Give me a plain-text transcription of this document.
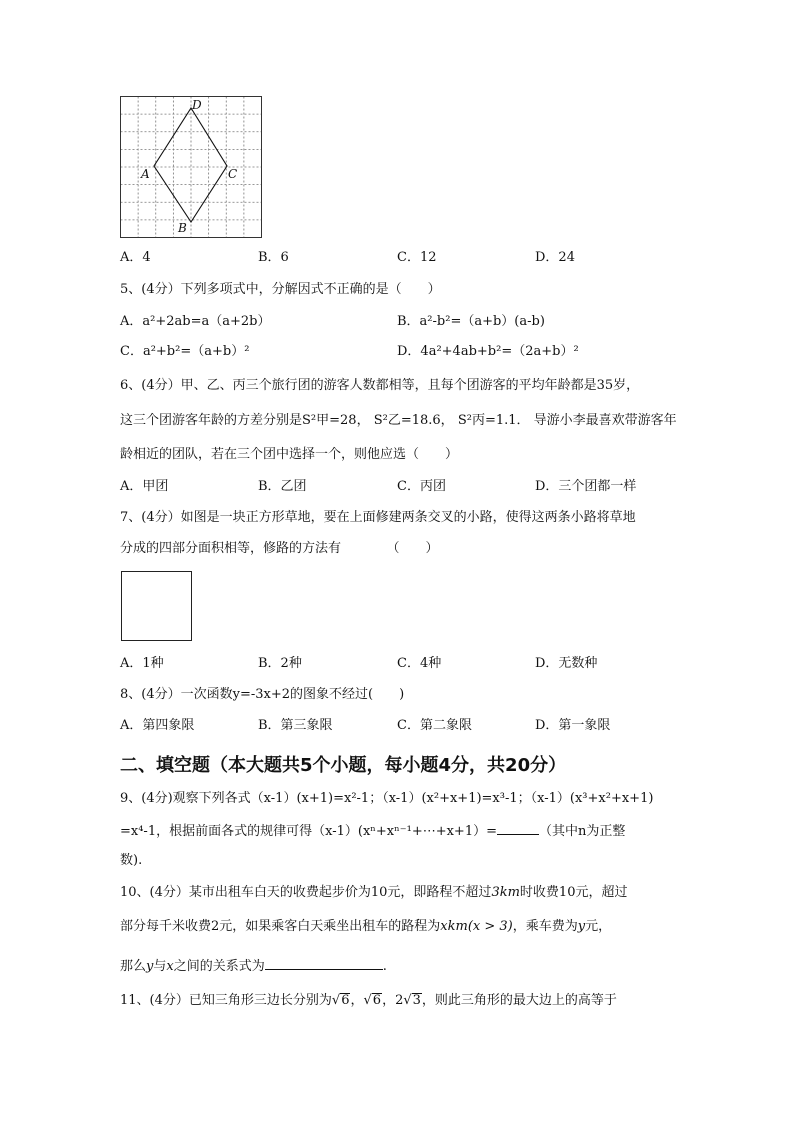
D
A	C
B
A．4	B．6	C．12	D．24
5、(4分）下列多项式中，分解因式不正确的是（　　）
A．a²+2ab=a（a+2b）	B．a²-b²=（a+b）(a-b)
C．a²+b²=（a+b）²	D．4a²+4ab+b²=（2a+b）²
6、(4分）甲、乙、丙三个旅行团的游客人数都相等，且每个团游客的平均年龄都是35岁，
这三个团游客年龄的方差分别是S²甲=28， S²乙=18.6， S²丙=1.1． 导游小李最喜欢带游客年
龄相近的团队，若在三个团中选择一个，则他应选（　　）
A．甲团	B．乙团	C．丙团	D．三个团都一样
7、(4分）如图是一块正方形草地，要在上面修建两条交叉的小路，使得这两条小路将草地
分成的四部分面积相等，修路的方法有　　　　（　　）
A．1种	B．2种	C．4种	D．无数种
8、(4分）一次函数y=-3x+2的图象不经过(　　)
A．第四象限	B．第三象限	C．第二象限	D．第一象限
二、填空题（本大题共5个小题，每小题4分，共20分）
9、(4分)观察下列各式（x-1）(x+1)=x²-1；（x-1）(x²+x+1)=x³-1；（x-1）(x³+x²+x+1)
=x⁴-1，根据前面各式的规律可得（x-1）(xⁿ+xⁿ⁻¹+⋯+x+1）=	（其中n为正整
数).
10、(4分）某市出租车白天的收费起步价为10元，即路程不超过3km时收费10元，超过
部分每千米收费2元，如果乘客白天乘坐出租车的路程为xkm(x > 3)，乘车费为y元，
那么y与x之间的关系式为	.
11、(4分）已知三角形三边长分别为√6，√6，2√3，则此三角形的最大边上的高等于
